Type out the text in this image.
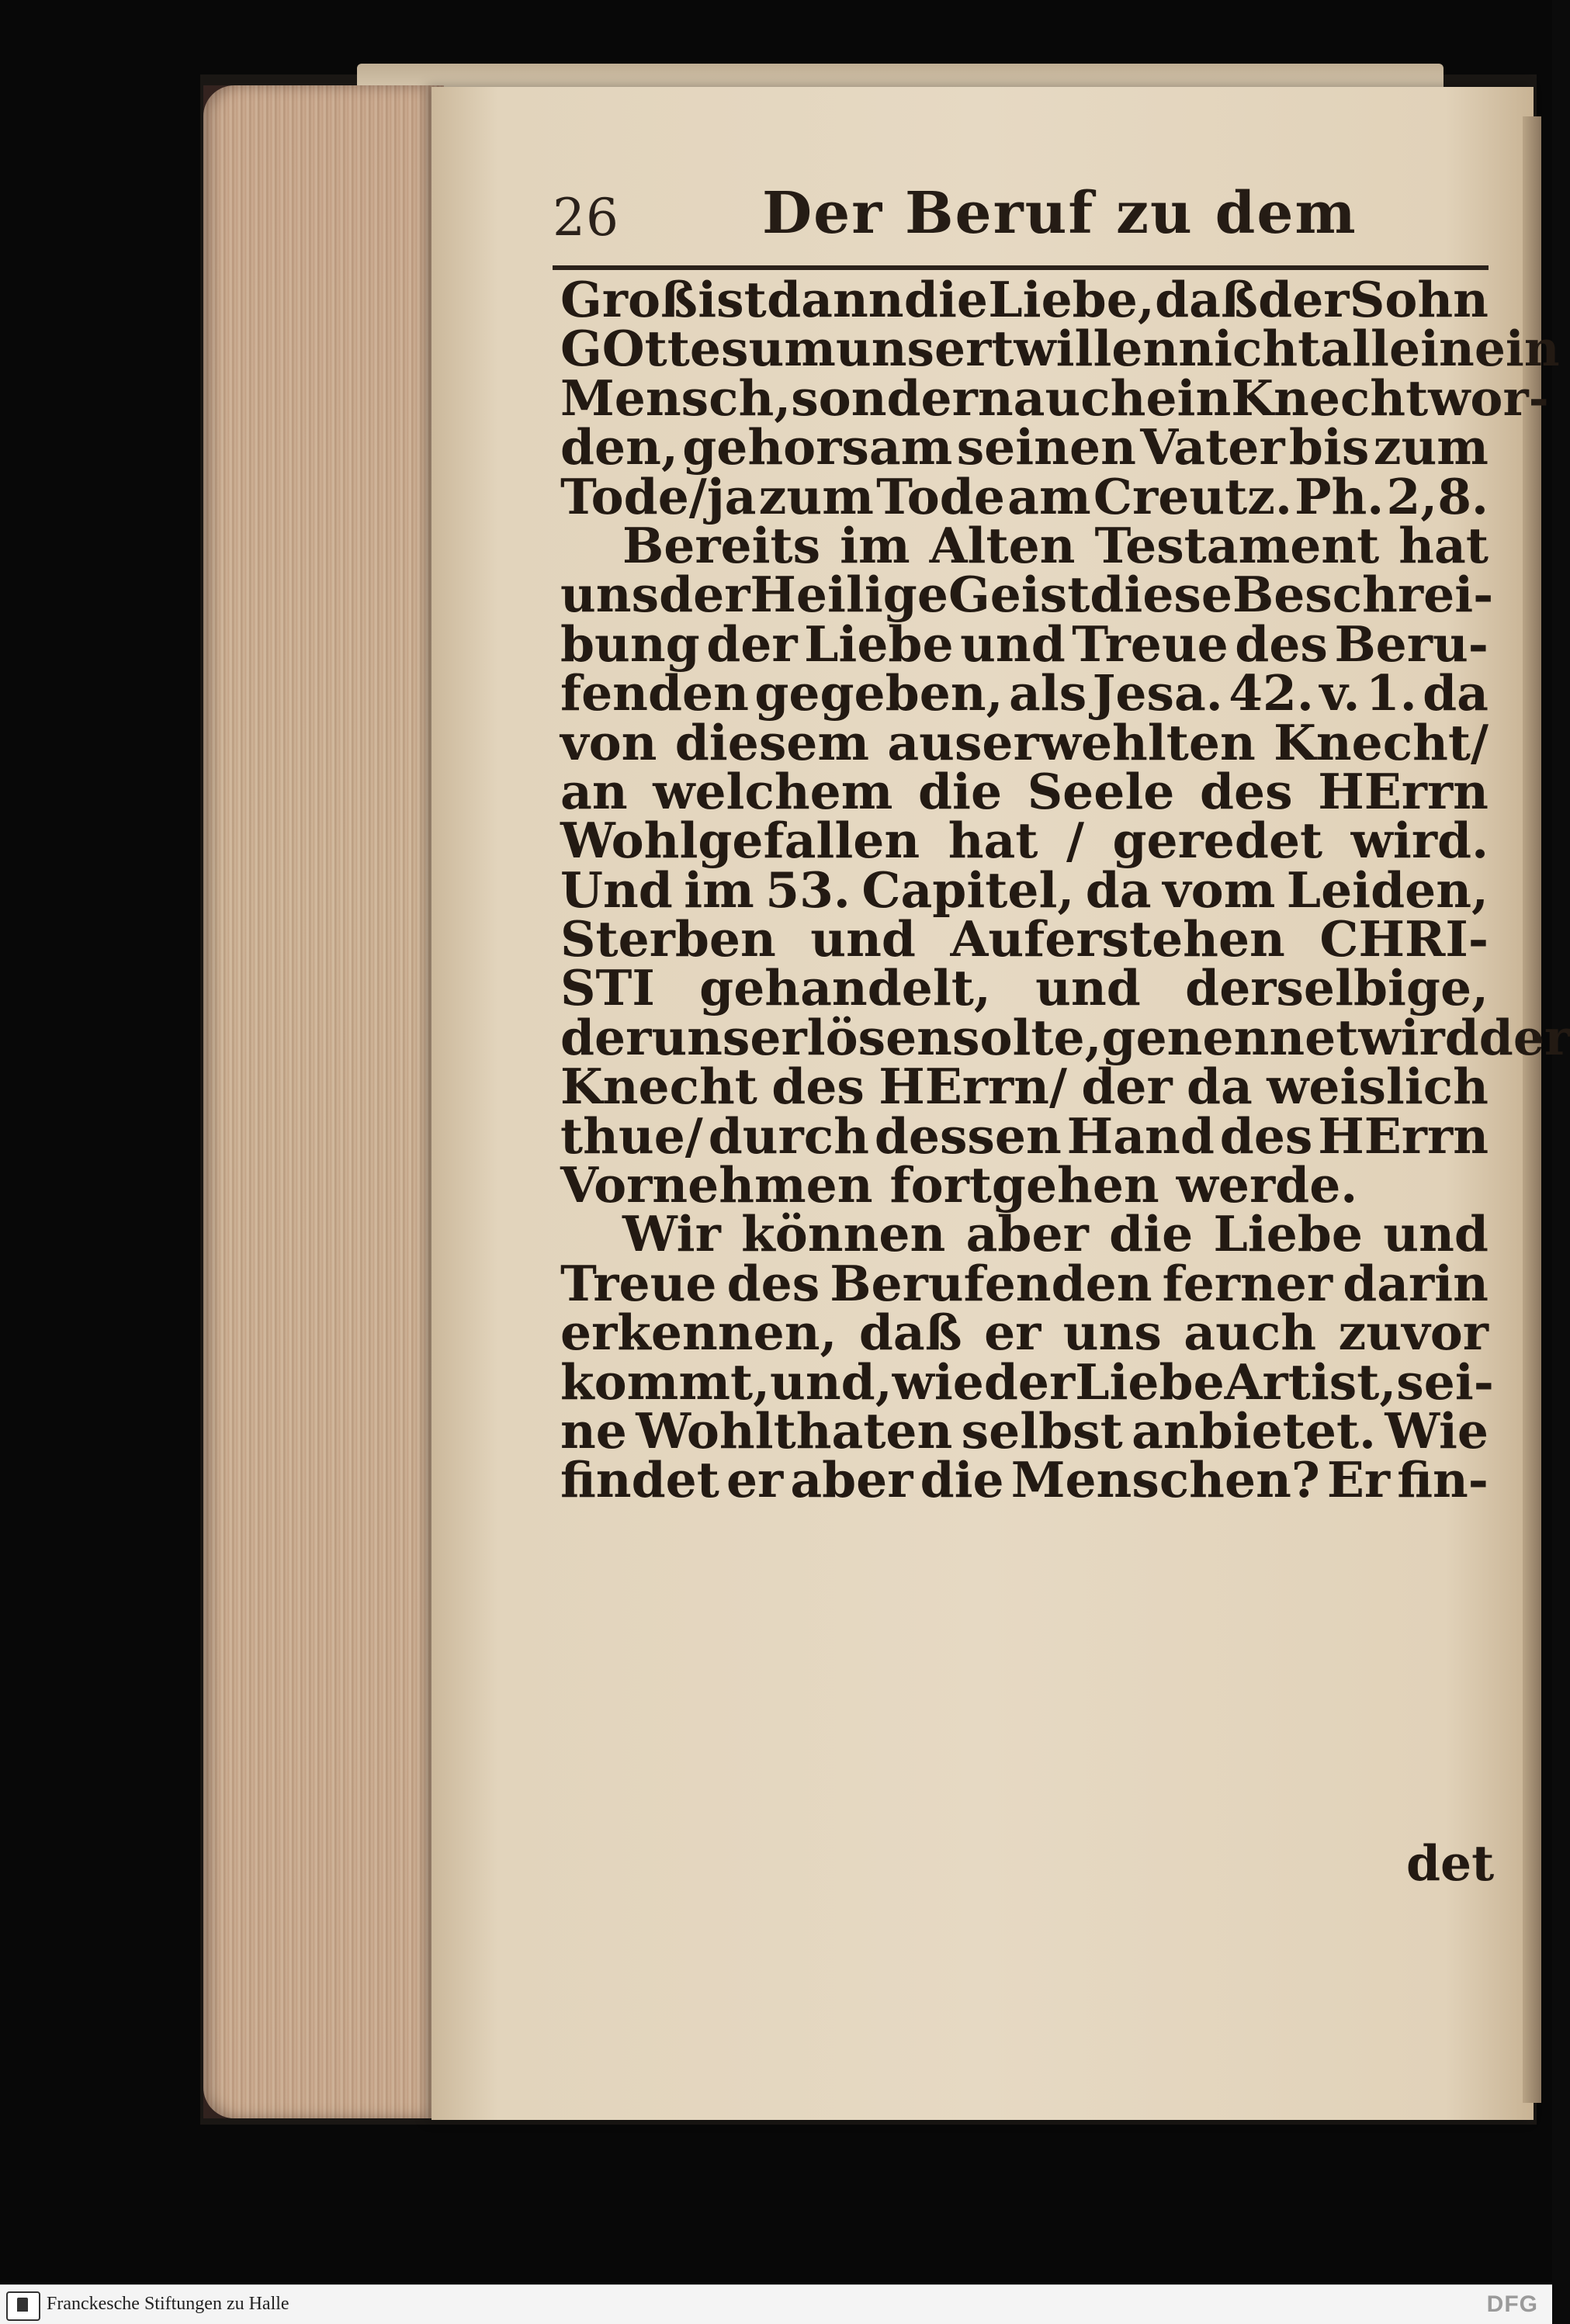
26 Der Beruf zu dem
Groß ist dann die Liebe, daß der Sohn
GOttes um unsert willen nicht allein ein
Mensch, sondern auch ein Knecht wor-
den, gehorsam seinen Vater bis zum
Tode/ja zum Tode am Creutz. Ph. 2,8.
Bereits im Alten Testament hat
uns der Heilige Geist diese Beschrei-
bung der Liebe und Treue des Beru-
fenden gegeben, als Jesa. 42. v. 1. da
von diesem auserwehlten Knecht/
an welchem die Seele des HErrn
Wohlgefallen hat / geredet wird.
Und im 53. Capitel, da vom Leiden,
Sterben und Auferstehen CHRI-
STI gehandelt, und derselbige,
der uns erlösen solte, genennet wird der
Knecht des HErrn/ der da weislich
thue/ durch dessen Hand des HErrn
Vornehmen fortgehen werde.
Wir können aber die Liebe und
Treue des Berufenden ferner darin
erkennen, daß er uns auch zuvor
kommt, und, wie der Liebe Art ist, sei-
ne Wohlthaten selbst anbietet. Wie
findet er aber die Menschen? Er fin-
det
Franckesche Stiftungen zu Halle	DFG
